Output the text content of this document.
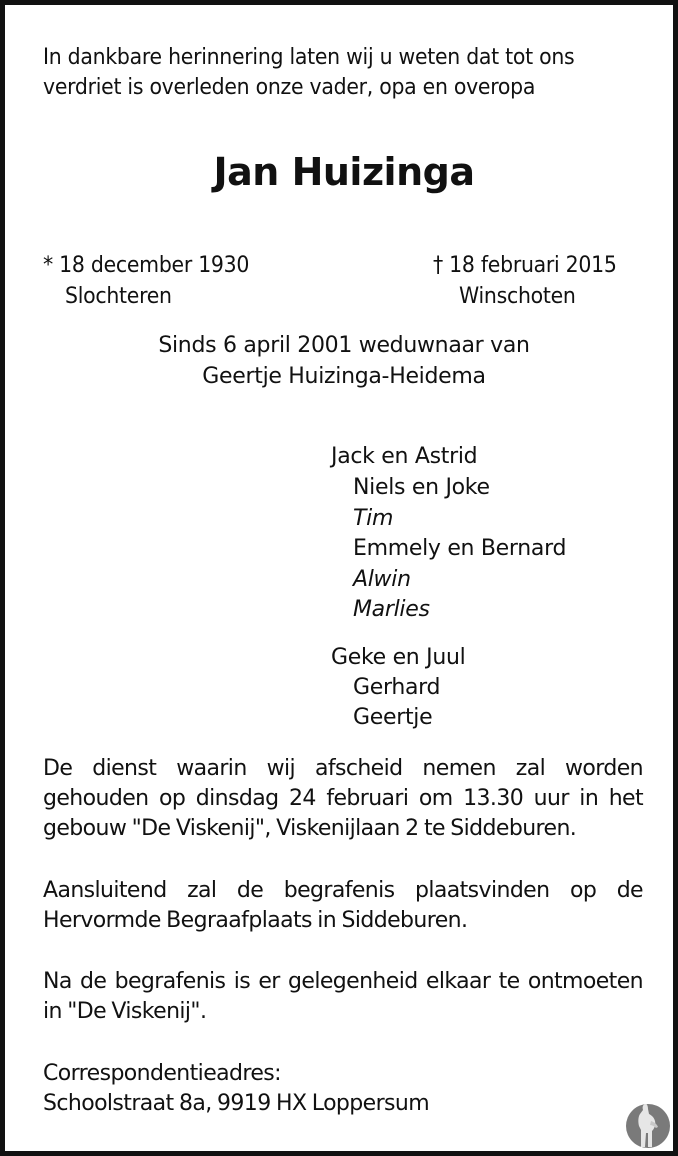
In dankbare herinnering laten wij u weten dat tot ons
verdriet is overleden onze vader, opa en overopa
Jan Huizinga
* 18 december 1930
Slochteren
† 18 februari 2015
Winschoten
Sinds 6 april 2001 weduwnaar van
Geertje Huizinga-Heidema
Jack en Astrid
Niels en Joke
Tim
Emmely en Bernard
Alwin
Marlies
Geke en Juul
Gerhard
Geertje
De dienst waarin wij afscheid nemen zal worden
gehouden op dinsdag 24 februari om 13.30 uur in het
gebouw "De Viskenij", Viskenijlaan 2 te Siddeburen.
Aansluitend zal de begrafenis plaatsvinden op de
Hervormde Begraafplaats in Siddeburen.
Na de begrafenis is er gelegenheid elkaar te ontmoeten
in "De Viskenij".
Correspondentieadres:
Schoolstraat 8a, 9919 HX Loppersum
